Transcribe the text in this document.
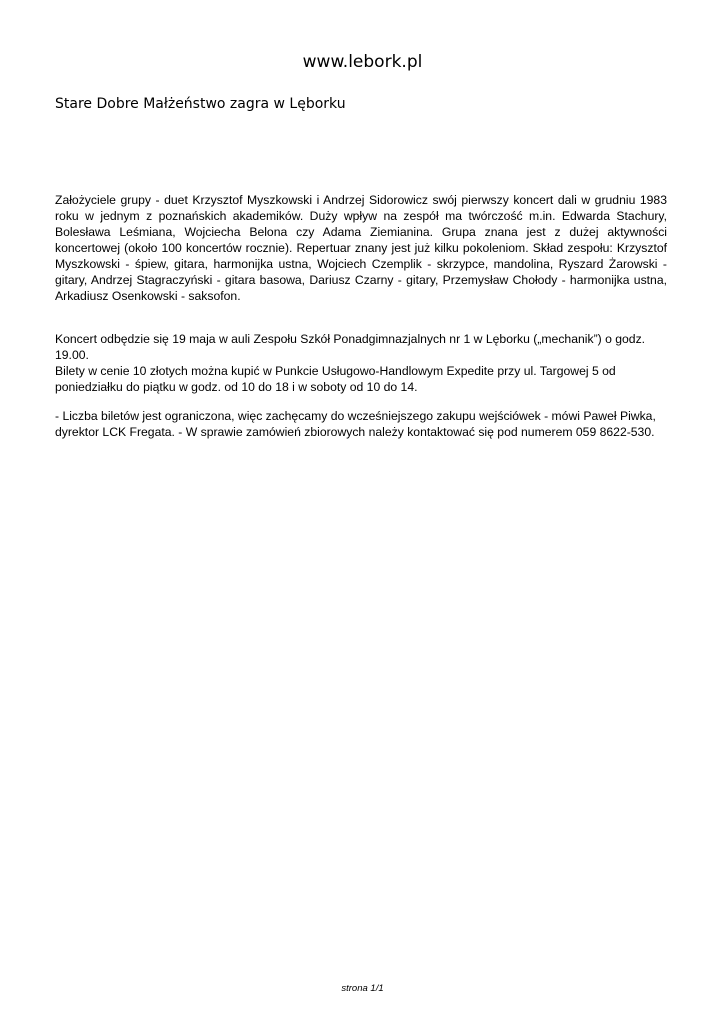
www.lebork.pl
Stare Dobre Małżeństwo zagra w Lęborku
Założyciele grupy - duet Krzysztof Myszkowski i Andrzej Sidorowicz swój pierwszy koncert dali w grudniu 1983 roku w jednym z poznańskich akademików. Duży wpływ na zespół ma twórczość m.in. Edwarda Stachury, Bolesława Leśmiana, Wojciecha Belona czy Adama Ziemianina. Grupa znana jest z dużej aktywności koncertowej (około 100 koncertów rocznie). Repertuar znany jest już kilku pokoleniom. Skład zespołu: Krzysztof Myszkowski - śpiew, gitara, harmonijka ustna, Wojciech Czemplik - skrzypce, mandolina, Ryszard Żarowski - gitary, Andrzej Stagraczyński - gitara basowa, Dariusz Czarny - gitary, Przemysław Chołody - harmonijka ustna, Arkadiusz Osenkowski - saksofon.
Koncert odbędzie się 19 maja w auli Zespołu Szkół Ponadgimnazjalnych nr 1 w Lęborku („mechanik”) o godz.
19.00.
Bilety w cenie 10 złotych można kupić w Punkcie Usługowo-Handlowym Expedite przy ul. Targowej 5 od
poniedziałku do piątku w godz. od 10 do 18 i w soboty od 10 do 14.
- Liczba biletów jest ograniczona, więc zachęcamy do wcześniejszego zakupu wejściówek - mówi Paweł Piwka,
dyrektor LCK Fregata. - W sprawie zamówień zbiorowych należy kontaktować się pod numerem 059 8622-530.
strona 1/1
